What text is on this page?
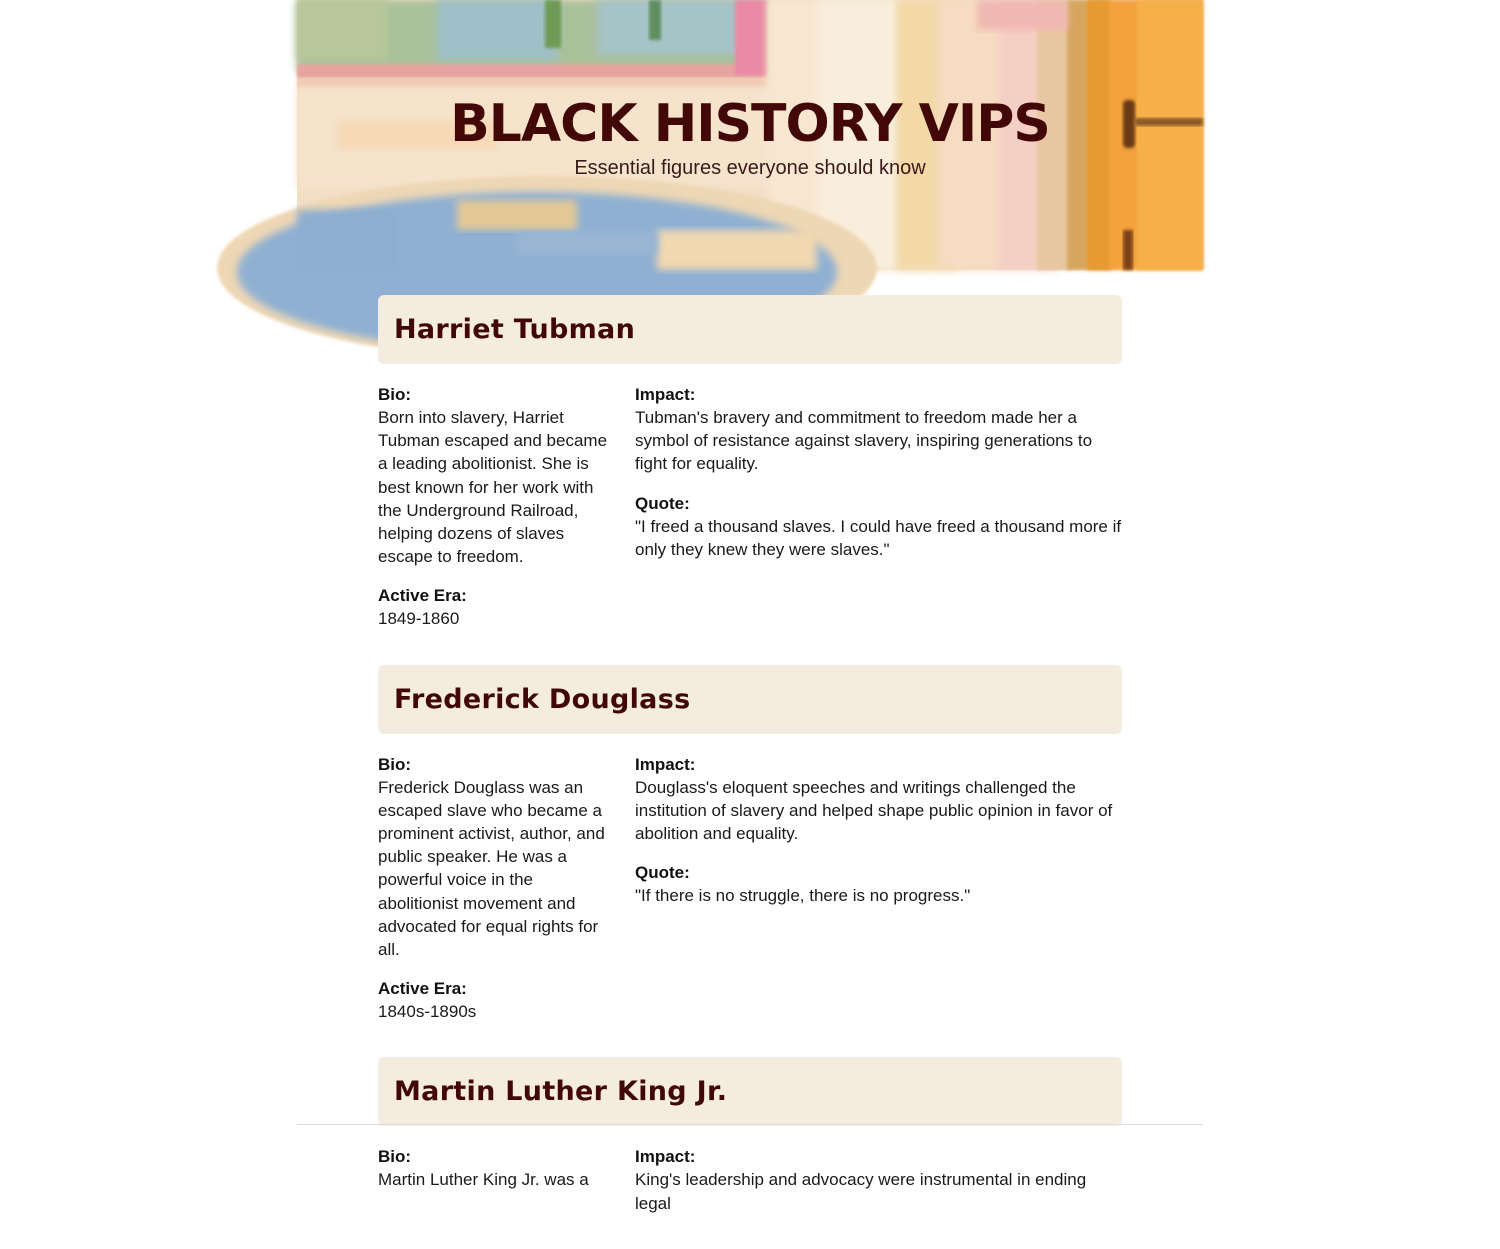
BLACK HISTORY VIPS

Essential figures everyone should know

Harriet Tubman
Bio:
Born into slavery, Harriet Tubman escaped and became a leading abolitionist. She is best known for her work with the Underground Railroad, helping dozens of slaves escape to freedom.
Active Era:
1849-1860
Impact:
Tubman's bravery and commitment to freedom made her a symbol of resistance against slavery, inspiring generations to fight for equality.
Quote:
"I freed a thousand slaves. I could have freed a thousand more if only they knew they were slaves."
Frederick Douglass
Bio:
Frederick Douglass was an escaped slave who became a prominent activist, author, and public speaker. He was a powerful voice in the abolitionist movement and advocated for equal rights for all.
Active Era:
1840s-1890s
Impact:
Douglass's eloquent speeches and writings challenged the institution of slavery and helped shape public opinion in favor of abolition and equality.
Quote:
"If there is no struggle, there is no progress."
Martin Luther King Jr.
Bio:
Martin Luther King Jr. was a
Impact:
King's leadership and advocacy were instrumental in ending legal
